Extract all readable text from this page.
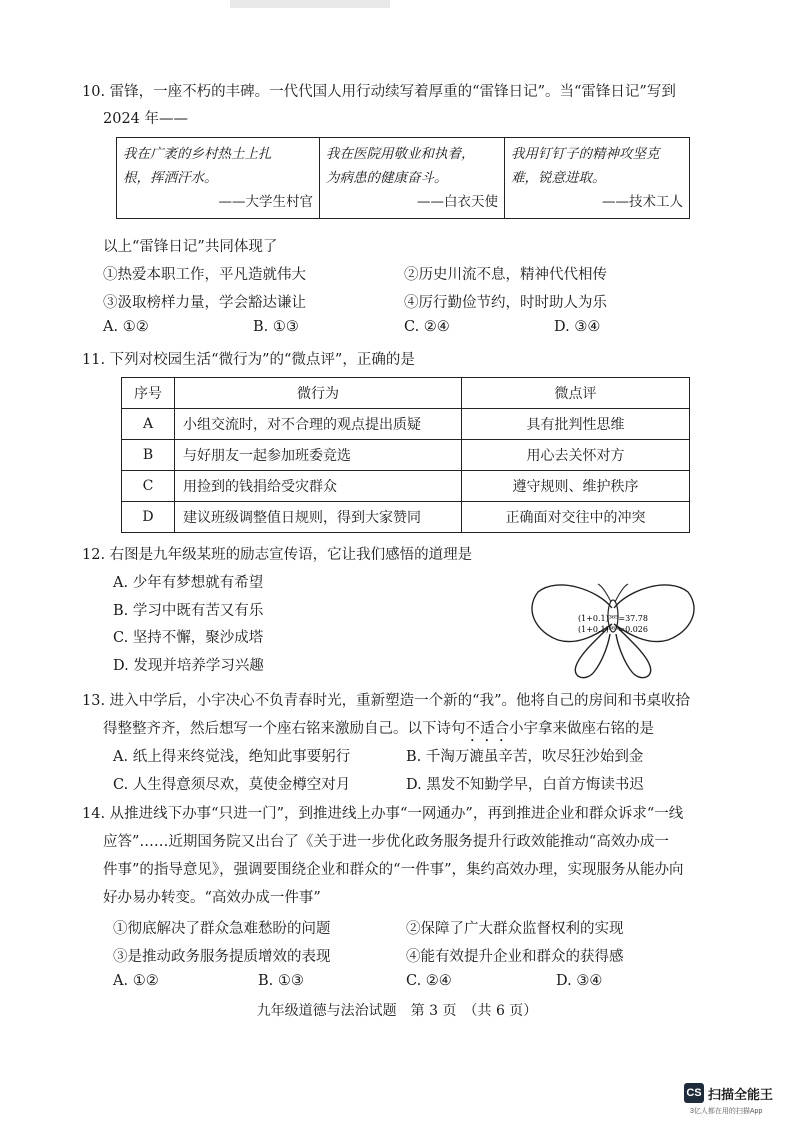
10. 雷锋，一座不朽的丰碑。一代代国人用行动续写着厚重的“雷锋日记”。当“雷锋日记”写到
2024 年——
我在广袤的乡村热土上扎
根，挥洒汗水。
——大学生村官
	我在医院用敬业和执着，
为病患的健康奋斗。
——白衣天使
	我用钉钉子的精神攻坚克
难，锐意进取。
——技术工人
以上“雷锋日记”共同体现了
①热爱本职工作，平凡造就伟大	②历史川流不息，精神代代相传
③汲取榜样力量，学会豁达谦让	④厉行勤俭节约，时时助人为乐
A. ①②	B. ①③	C. ②④	D. ③④
11. 下列对校园生活“微行为”的“微点评”，正确的是
序号	微行为	微点评
A	小组交流时，对不合理的观点提出质疑	具有批判性思维
B	与好朋友一起参加班委竞选	用心去关怀对方
C	用捡到的钱捐给受灾群众	遵守规则、维护秩序
D	建议班级调整值日规则，得到大家赞同	正确面对交往中的冲突
12. 右图是九年级某班的励志宣传语，它让我们感悟的道理是
A. 少年有梦想就有希望
B. 学习中既有苦又有乐
C. 坚持不懈，聚沙成塔
D. 发现并培养学习兴趣
(1+0.1)³⁶⁵=37.78
(1+0.1)³⁶⁵=0.026
13. 进入中学后，小宇决心不负青春时光，重新塑造一个新的“我”。他将自己的房间和书桌收拾
得整整齐齐，然后想写一个座右铭来激励自己。以下诗句不适合小宇拿来做座右铭的是
A. 纸上得来终觉浅，绝知此事要躬行	B. 千淘万漉虽辛苦，吹尽狂沙始到金
C. 人生得意须尽欢，莫使金樽空对月	D. 黑发不知勤学早，白首方悔读书迟
14. 从推进线下办事“只进一门”，到推进线上办事“一网通办”，再到推进企业和群众诉求“一线
应答”……近期国务院又出台了《关于进一步优化政务服务提升行政效能推动“高效办成一
件事”的指导意见》，强调要围绕企业和群众的“一件事”，集约高效办理，实现服务从能办向
好办易办转变。“高效办成一件事”
①彻底解决了群众急难愁盼的问题	②保障了广大群众监督权利的实现
③是推动政务服务提质增效的表现	④能有效提升企业和群众的获得感
A. ①②	B. ①③	C. ②④	D. ③④
九年级道德与法治试题　第 3 页　（共 6 页）
CS 扫描全能王
3亿人都在用的扫描App
